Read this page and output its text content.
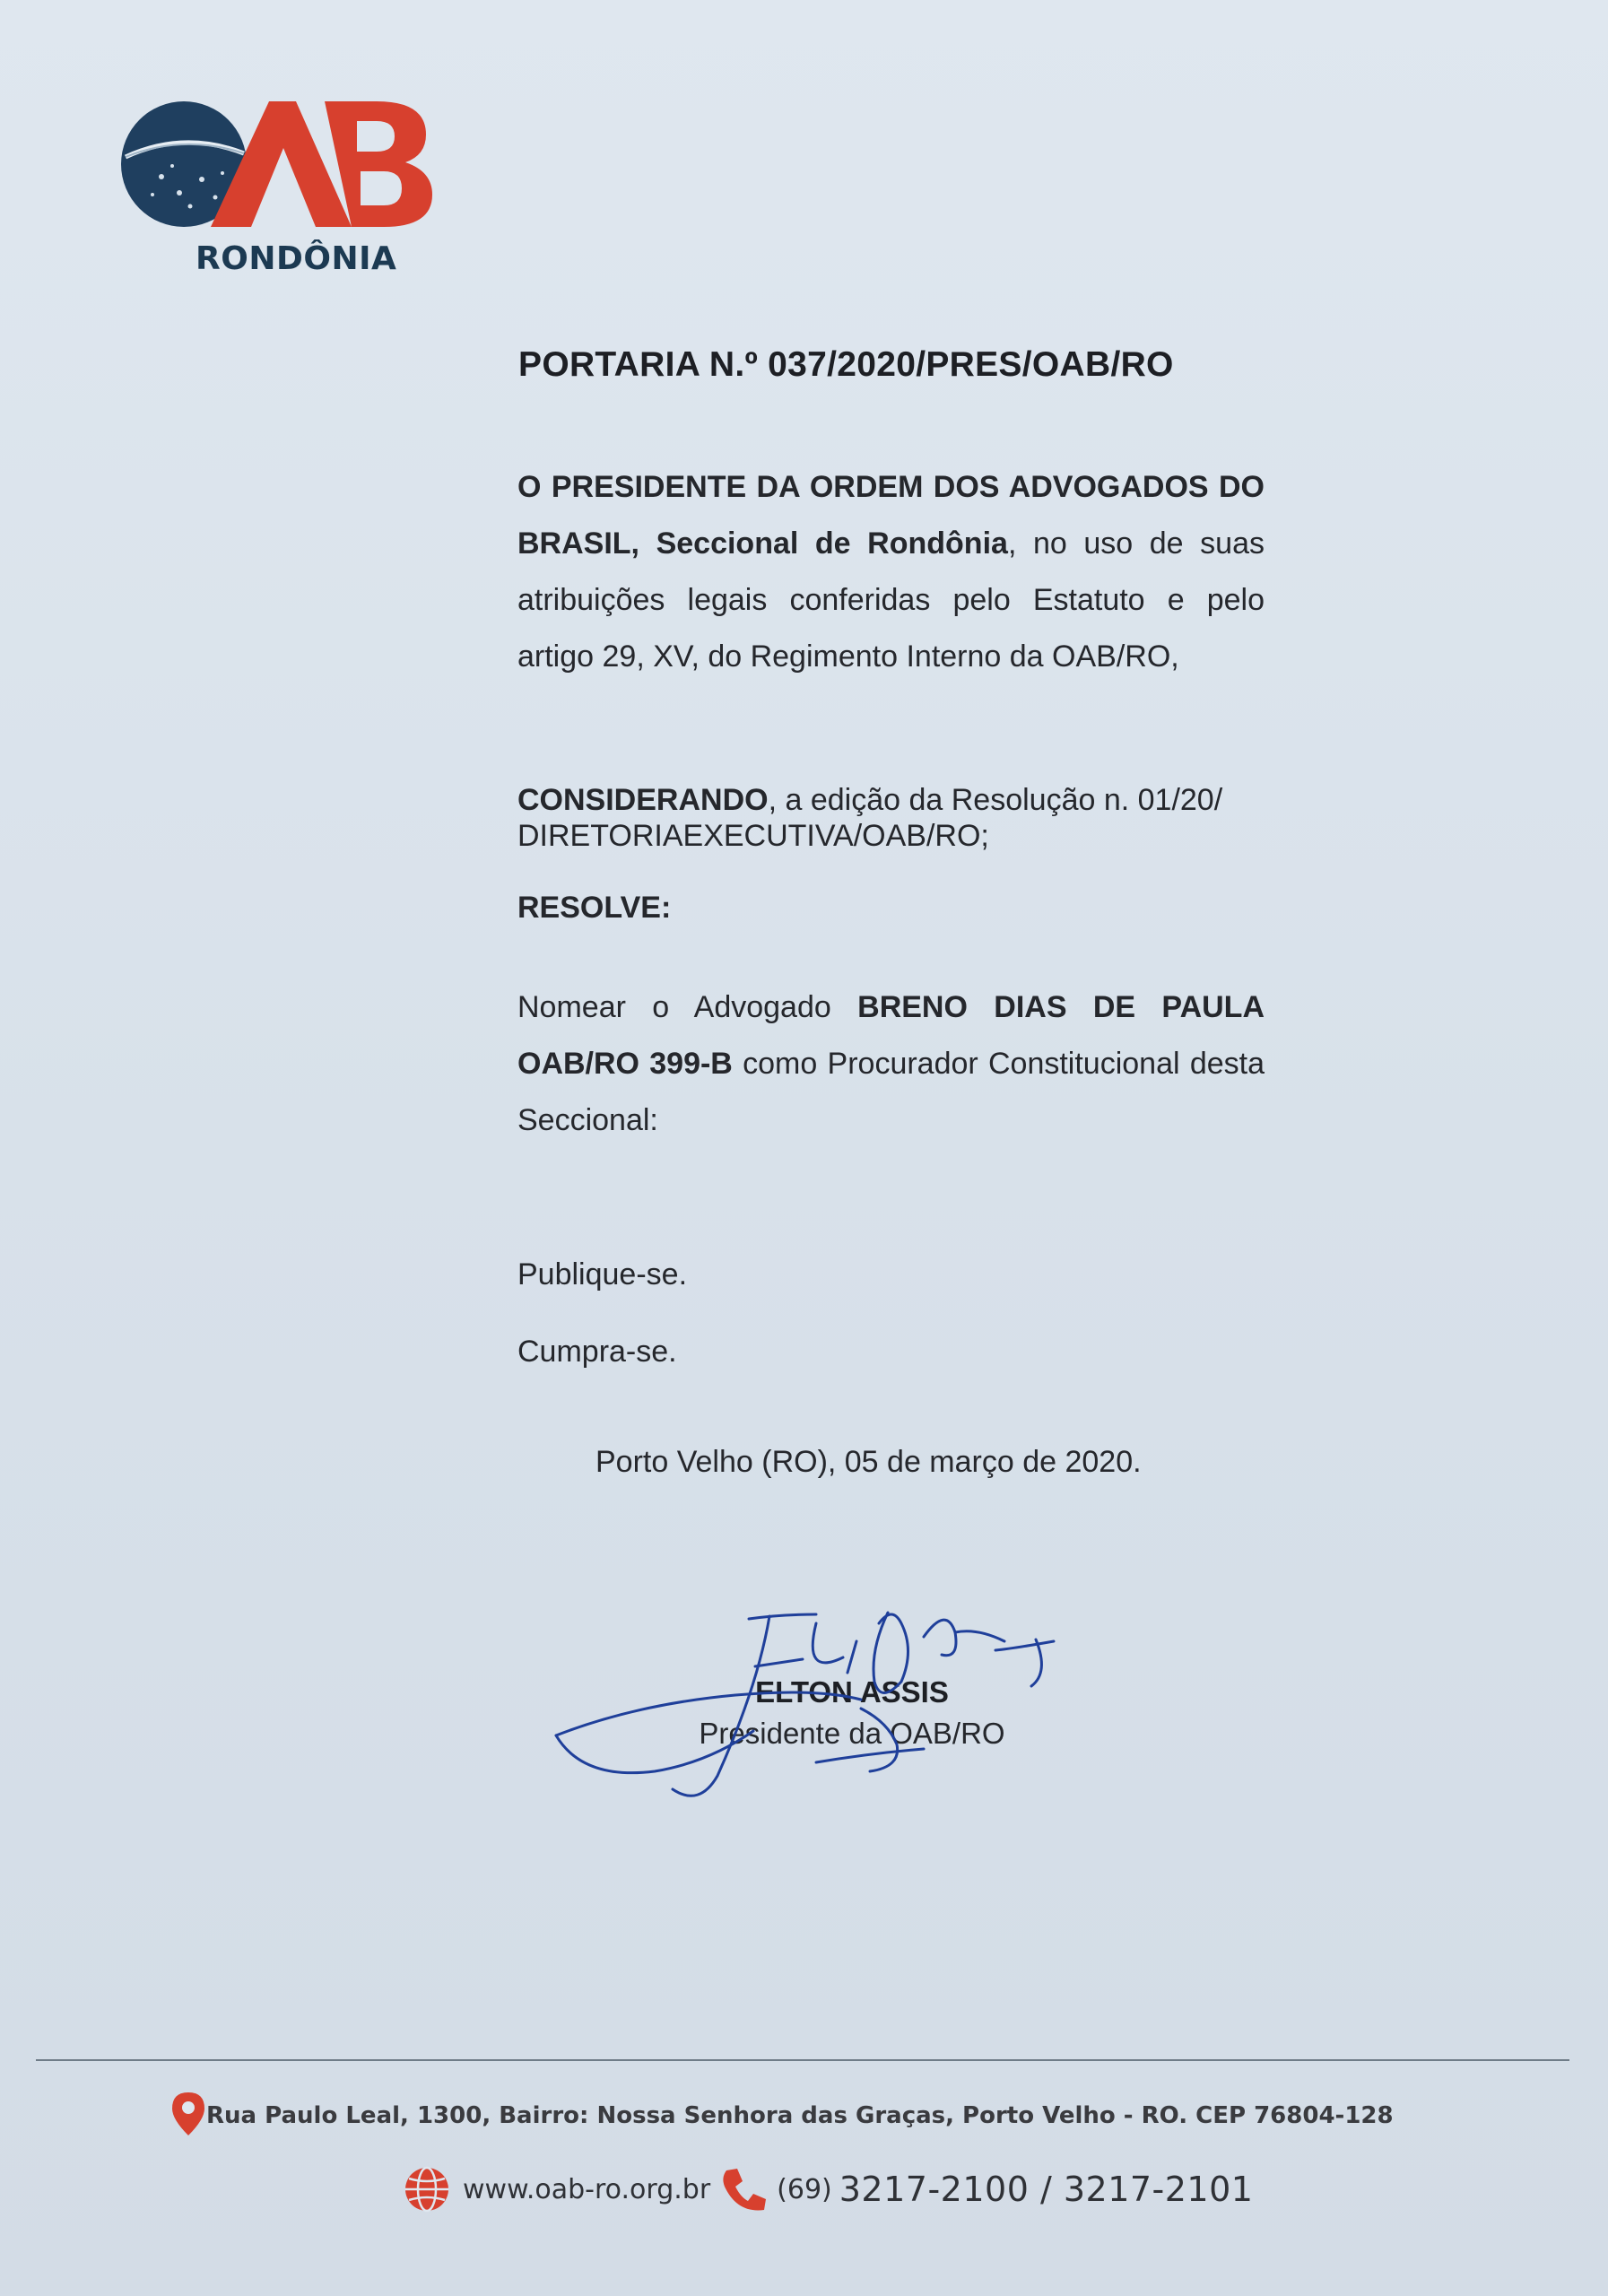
RONDÔNIA
PORTARIA N.º 037/2020/PRES/OAB/RO

O PRESIDENTE DA ORDEM DOS ADVOGADOS DO BRASIL, Seccional de Rondônia, no uso de suas atribuições legais conferidas pelo Estatuto e pelo artigo 29, XV, do Regimento Interno da OAB/RO,

CONSIDERANDO, a edição da Resolução n. 01/20/ DIRETORIAEXECUTIVA/OAB/RO;

RESOLVE:

Nomear o Advogado BRENO DIAS DE PAULA OAB/RO 399-B como Procurador Constitucional desta Seccional:

Publique-se.

Cumpra-se.

Porto Velho (RO), 05 de março de 2020.
ELTON ASSIS
Presidente da OAB/RO
Rua Paulo Leal, 1300, Bairro: Nossa Senhora das Graças, Porto Velho - RO. CEP 76804-128
www.oab-ro.org.br (69) 3217-2100 / 3217-2101
